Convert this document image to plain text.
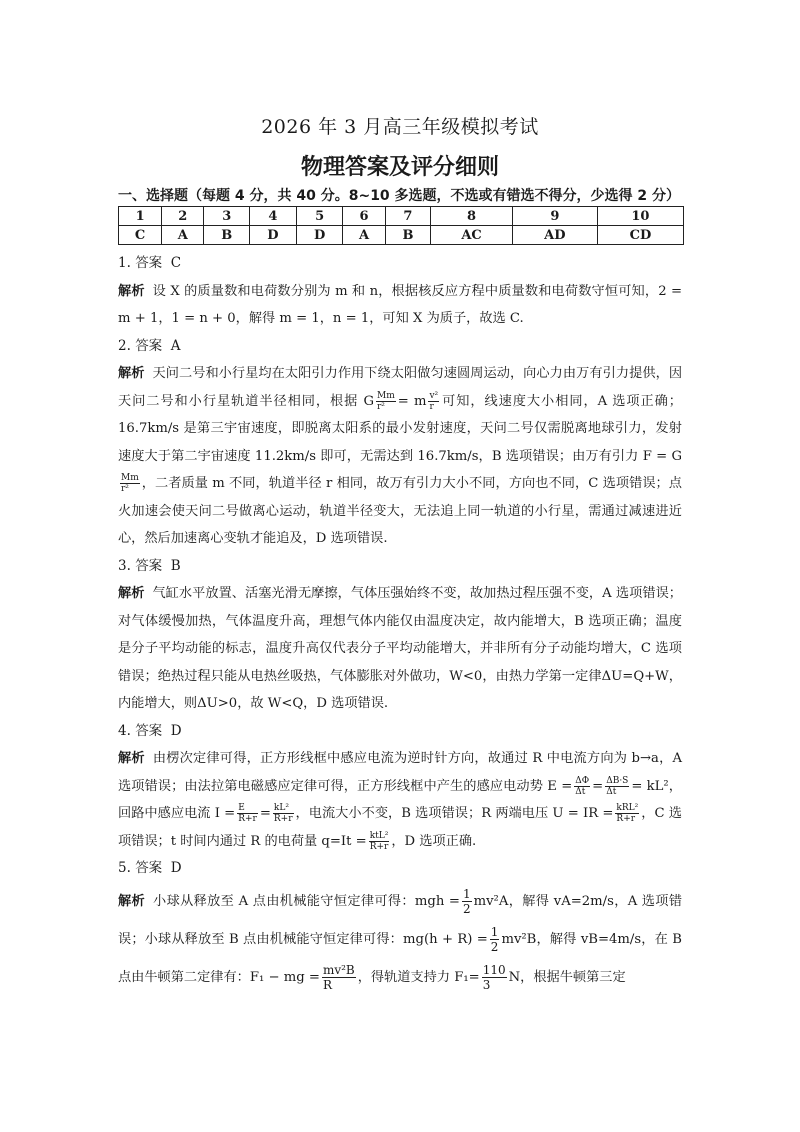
2026 年 3 月高三年级模拟考试
物理答案及评分细则
一、选择题（每题 4 分，共 40 分。8~10 多选题，不选或有错选不得分，少选得 2 分）
1	2	3	4	5	6	7	8	9	10
C	A	B	D	D	A	B	AC	AD	CD
1. 答案 C
解析 设 X 的质量数和电荷数分别为 m 和 n，根据核反应方程中质量数和电荷数守恒可知，2 = m + 1，1 = n + 0，解得 m = 1，n = 1，可知 X 为质子，故选 C.
2. 答案 A
解析 天问二号和小行星均在太阳引力作用下绕太阳做匀速圆周运动，向心力由万有引力提供，因天问二号和小行星轨道半径相同，根据 G $\frac{Mm}{\text{r²}} = m \frac{\text{v²}}{r}$ 可知，线速度大小相同，A 选项正确；16.7km/s 是第三宇宙速度，即脱离太阳系的最小发射速度，天问二号仅需脱离地球引力，发射速度大于第二宇宙速度 11.2km/s 即可，无需达到 16.7km/s，B 选项错误；由万有引力 F = G
$\frac{Mm}{\text{r²}}$ ，二者质量 m 不同，轨道半径 r 相同，故万有引力大小不同，方向也不同，C 选项错误；点火加速会使天问二号做离心运动，轨道半径变大，无法追上同一轨道的小行星，需通过减速进近心，然后加速离心变轨才能追及，D 选项错误.
3. 答案 B
解析 气缸水平放置、活塞光滑无摩擦，气体压强始终不变，故加热过程压强不变，A 选项错误；对气体缓慢加热，气体温度升高，理想气体内能仅由温度决定，故内能增大，B 选项正确；温度是分子平均动能的标志，温度升高仅代表分子平均动能增大，并非所有分子动能均增大，C 选项错误；绝热过程只能从电热丝吸热，气体膨胀对外做功，W<0，由热力学第一定律ΔU=Q+W，内能增大，则ΔU>0，故 W<Q，D 选项错误.
4. 答案 D
解析 由楞次定律可得，正方形线框中感应电流为逆时针方向，故通过 R 中电流方向为 b→a，A 选项错误；由法拉第电磁感应定律可得，正方形线框中产生的感应电动势 $E = \frac{\Delta\Phi}{\Delta t} = \frac{\Delta B\cdot S}{\Delta t} = kL^2$，回路中感应电流 $I = \frac{E}{R+r} = \frac{\text{kL²}}{R+r}$ ，电流大小不变，B 选项错误；R 两端电压 U = IR = $\frac{\text{kRL²}}{R+r}$ ，C 选项错误；t 时间内通过 R 的电荷量 $q=It = \frac{\text{ktL²}}{R+r}$ ，D 选项正确.
5. 答案 D
解析 小球从释放至 A 点由机械能守恒定律可得：mgh = $\frac{1}{2} mv^2A$，解得 vA=2m/s，A 选项错误；小球从释放至 B 点由机械能守恒定律可得：$mg(h + R) = \frac{1}{2} mv^2B$，解得 vB=4m/s，在 B 点由牛顿第二定律有：F₁ − mg = $\frac{\text{mv²B}}{R}$ ，得轨道支持力 $F_1= \frac{110}{3}$ N，根据牛顿第三定
